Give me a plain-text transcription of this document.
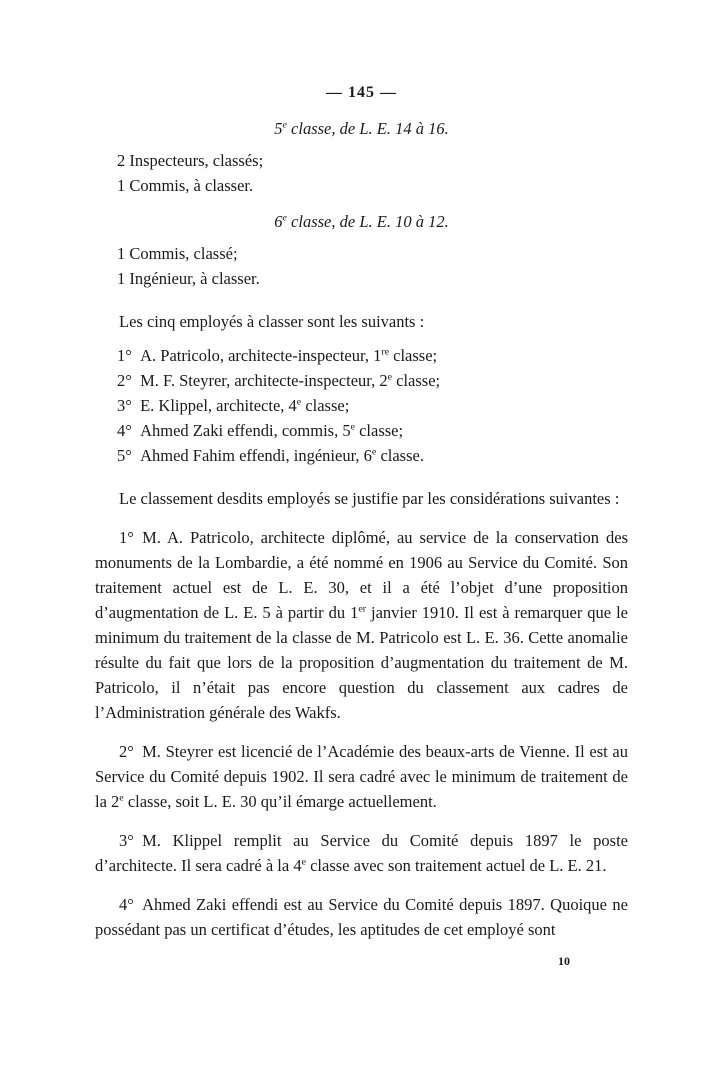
— 145 —
5e classe, de L. E. 14 à 16.
2 Inspecteurs, classés;
1 Commis, à classer.
6e classe, de L. E. 10 à 12.
1 Commis, classé;
1 Ingénieur, à classer.

Les cinq employés à classer sont les suivants :

1° A. Patricolo, architecte-inspecteur, 1re classe;
2° M. F. Steyrer, architecte-inspecteur, 2e classe;
3° E. Klippel, architecte, 4e classe;
4° Ahmed Zaki effendi, commis, 5e classe;
5° Ahmed Fahim effendi, ingénieur, 6e classe.

Le classement desdits employés se justifie par les considérations suivantes :

1° M. A. Patricolo, architecte diplômé, au service de la conservation des monuments de la Lombardie, a été nommé en 1906 au Service du Comité. Son traitement actuel est de L. E. 30, et il a été l’objet d’une proposition d’augmentation de L. E. 5 à partir du 1er janvier 1910. Il est à remarquer que le minimum du traitement de la classe de M. Patricolo est L. E. 36. Cette anomalie résulte du fait que lors de la proposition d’augmentation du traitement de M. Patricolo, il n’était pas encore question du classement aux cadres de l’Administration générale des Wakfs.

2° M. Steyrer est licencié de l’Académie des beaux-arts de Vienne. Il est au Service du Comité depuis 1902. Il sera cadré avec le minimum de traitement de la 2e classe, soit L. E. 30 qu’il émarge actuellement.

3° M. Klippel remplit au Service du Comité depuis 1897 le poste d’architecte. Il sera cadré à la 4e classe avec son traitement actuel de L. E. 21.

4° Ahmed Zaki effendi est au Service du Comité depuis 1897. Quoique ne possédant pas un certificat d’études, les aptitudes de cet employé sont

10
